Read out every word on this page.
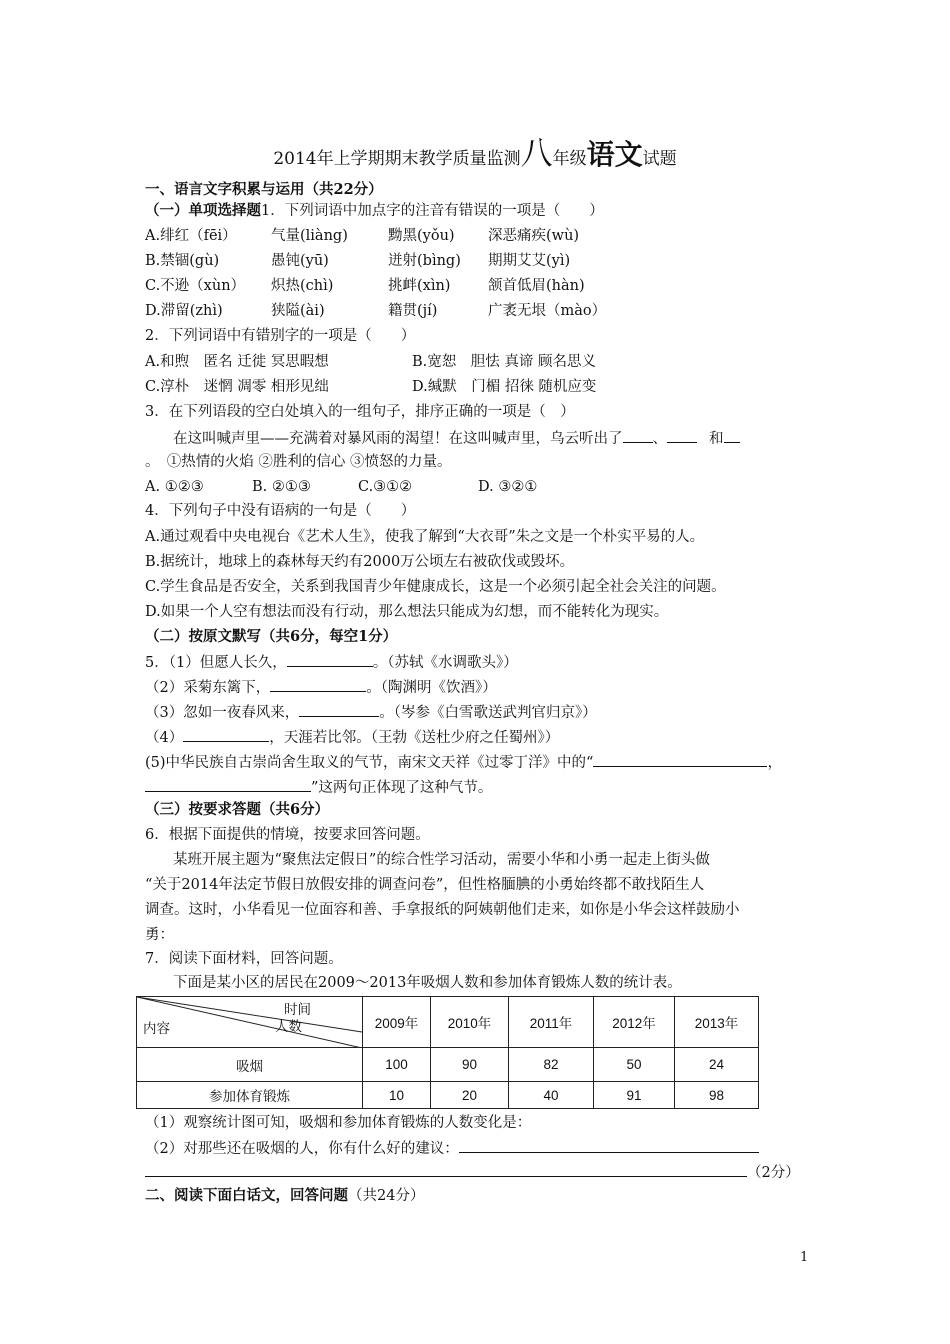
2014年上学期期末教学质量监测八年级语文试题
一、语言文字积累与运用（共22分）
（一）单项选择题1．下列词语中加点字的注音有错误的一项是（　　）
A.绯红（fēi） 气量(liàng)	黝黑(yǒu) 深恶痛疾(wù)
B.禁锢(gù)	愚钝(yū)	迸射(bìng) 期期艾艾(yì)
C.不逊（xùn） 炽热(chì)	挑衅(xìn)	颔首低眉(hàn)
D.滞留(zhì)	狭隘(ài)	籍贯(jí)	广袤无垠（mào）
2．下列词语中有错别字的一项是（　　）
A.和煦　匿名 迁徙 冥思暇想	B.宽恕　胆怯 真谛 顾名思义
C.淳朴　迷惘 凋零 相形见绌	D.缄默　门楣 招徕 随机应变
3．在下列语段的空白处填入的一组句子，排序正确的一项是（　）
在这叫喊声里——充满着对暴风雨的渴望！在这叫喊声里，乌云听出了 、	和
。　①热情的火焰 ②胜利的信心 ③愤怒的力量。
A. ①②③	B. ②①③	C.③①②	D. ③②①
4．下列句子中没有语病的一句是（　　）
A.通过观看中央电视台《艺术人生》，使我了解到“大衣哥”朱之文是一个朴实平易的人。
B.据统计，地球上的森林每天约有2000万公顷左右被砍伐或毁坏。
C.学生食品是否安全，关系到我国青少年健康成长，这是一个必须引起全社会关注的问题。
D.如果一个人空有想法而没有行动，那么想法只能成为幻想，而不能转化为现实。
（二）按原文默写（共6分，每空1分）
5．（1）但愿人长久，	。（苏轼《水调歌头》）
（2）采菊东篱下，	。（陶渊明《饮酒》）
（3）忽如一夜春风来，	。（岑参《白雪歌送武判官归京》）
（4）	，天涯若比邻。（王勃《送杜少府之任蜀州》）
(5)中华民族自古崇尚舍生取义的气节，南宋文天祥《过零丁洋》中的“	，
”这两句正体现了这种气节。
（三）按要求答题（共6分）
6．根据下面提供的情境，按要求回答问题。
某班开展主题为“聚焦法定假日”的综合性学习活动，需要小华和小勇一起走上街头做
“关于2014年法定节假日放假安排的调查问卷”，但性格腼腆的小勇始终都不敢找陌生人
调查。这时，小华看见一位面容和善、手拿报纸的阿姨朝他们走来，如你是小华会这样鼓励小
勇：
7．阅读下面材料，回答问题。
下面是某小区的居民在2009～2013年吸烟人数和参加体育锻炼人数的统计表。
时间
人数
内容	2009年	2010年	2011年	2012年	2013年
吸烟	100	90	82	50	24
参加体育锻炼	10	20	40	91	98
（1）观察统计图可知，吸烟和参加体育锻炼的人数变化是：
（2）对那些还在吸烟的人，你有什么好的建议：
（2分）
二、阅读下面白话文，回答问题（共24分）
1
